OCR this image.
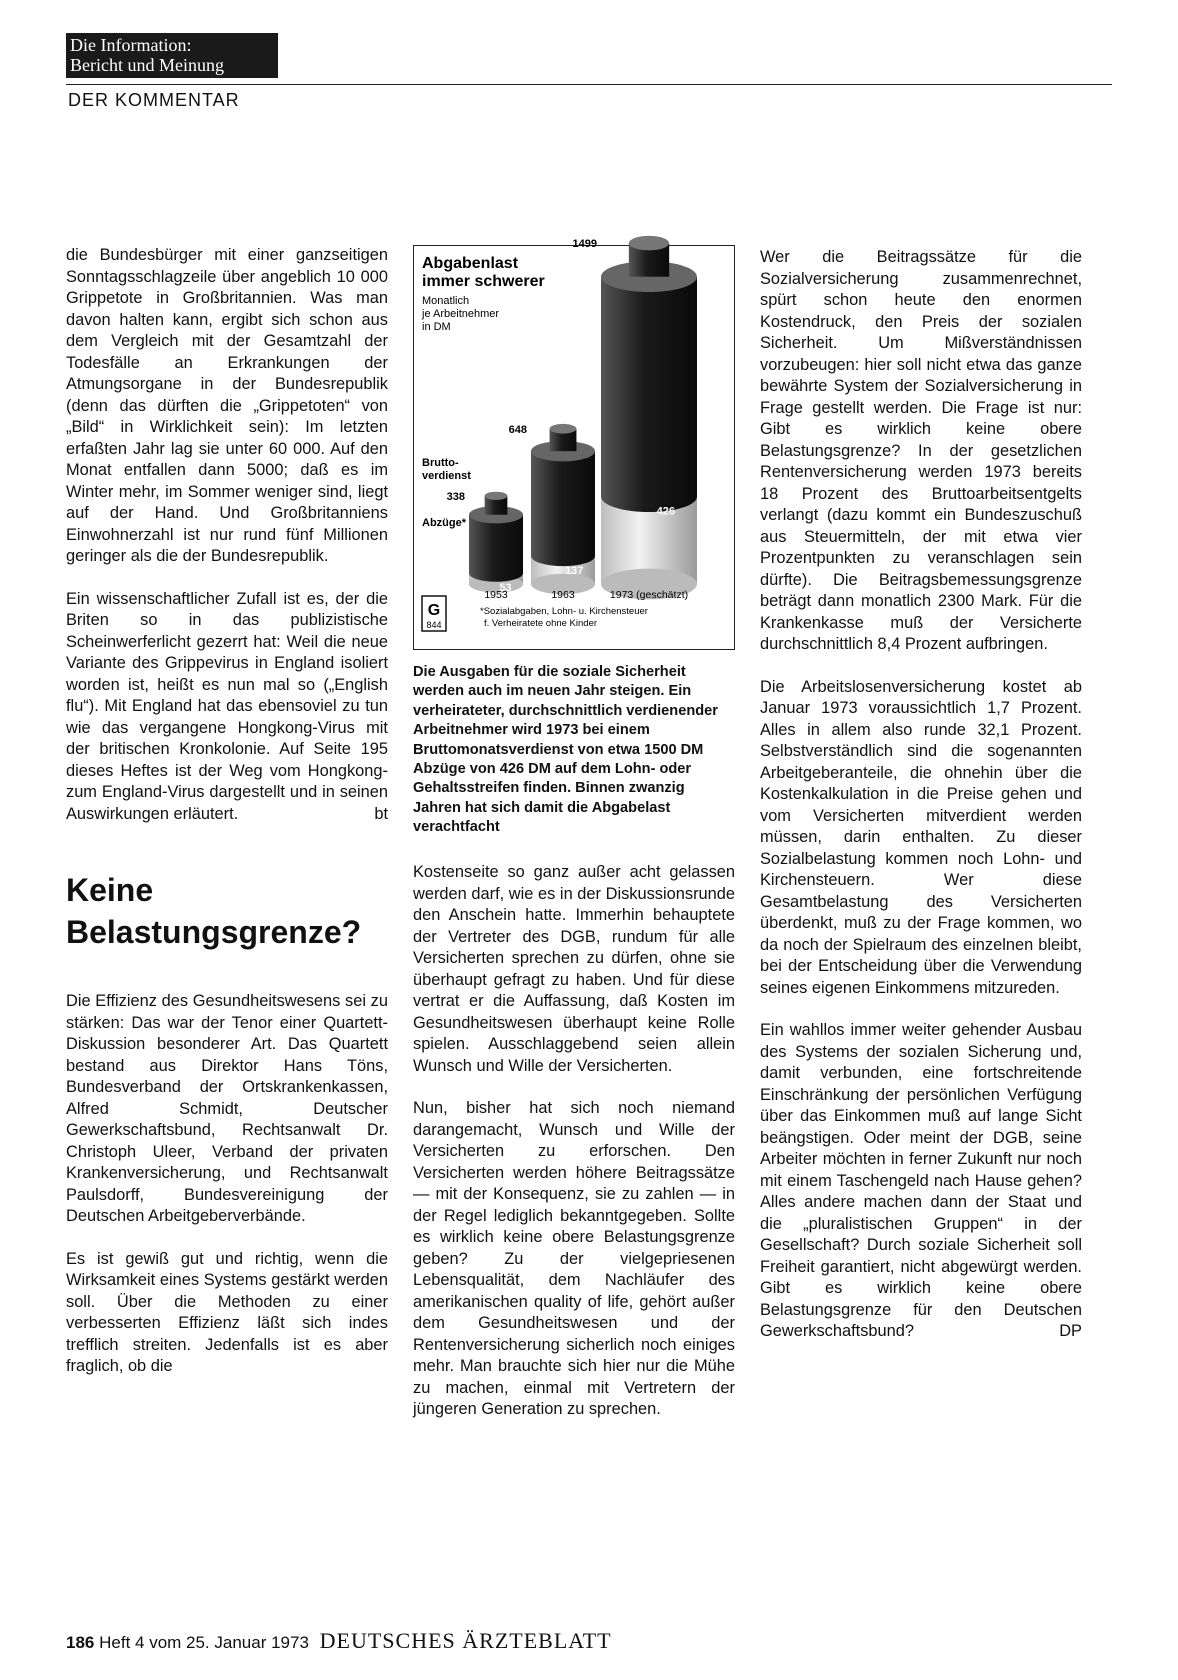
Die Information:
Bericht und Meinung
DER KOMMENTAR

die Bundesbürger mit einer ganzseitigen Sonntagsschlagzeile über angeblich 10 000 Grippetote in Großbritannien. Was man davon halten kann, ergibt sich schon aus dem Vergleich mit der Gesamtzahl der Todesfälle an Erkrankungen der Atmungsorgane in der Bundesrepublik (denn das dürften die „Grippetoten“ von „Bild“ in Wirklichkeit sein): Im letzten erfaßten Jahr lag sie unter 60 000. Auf den Monat entfallen dann 5000; daß es im Winter mehr, im Sommer weniger sind, liegt auf der Hand. Und Großbritanniens Einwohnerzahl ist nur rund fünf Millionen geringer als die der Bundesrepublik.

Ein wissenschaftlicher Zufall ist es, der die Briten so in das publizistische Scheinwerferlicht gezerrt hat: Weil die neue Variante des Grippevirus in England isoliert worden ist, heißt es nun mal so („English flu“). Mit England hat das ebensoviel zu tun wie das vergangene Hongkong-Virus mit der britischen Kronkolonie. Auf Seite 195 dieses Heftes ist der Weg vom Hongkong- zum England-Virus dargestellt und in seinen Auswirkungen erläutert.	bt

Keine Belastungsgrenze?

Die Effizienz des Gesundheitswesens sei zu stärken: Das war der Tenor einer Quartett-Diskussion besonderer Art. Das Quartett bestand aus Direktor Hans Töns, Bundesverband der Ortskrankenkassen, Alfred Schmidt, Deutscher Gewerkschaftsbund, Rechtsanwalt Dr. Christoph Uleer, Verband der privaten Krankenversicherung, und Rechtsanwalt Paulsdorff, Bundesvereinigung der Deutschen Arbeitgeberverbände.

Es ist gewiß gut und richtig, wenn die Wirksamkeit eines Systems gestärkt werden soll. Über die Methoden zu einer verbesserten Effizienz läßt sich indes trefflich streiten. Jedenfalls ist es aber fraglich, ob die

Abgabenlast
immer schwerer
Monatlich
je Arbeitnehmer
in DM
Brutto-
verdienst
Abzüge*
338
53
1953
648
137
1963
1499
426
1973 (geschätzt)
G
844
*Sozialabgaben, Lohn- u. Kirchensteuer
f. Verheiratete ohne Kinder
Die Ausgaben für die soziale Sicherheit werden auch im neuen Jahr steigen. Ein verheirateter, durchschnittlich verdienender Arbeitnehmer wird 1973 bei einem Bruttomonatsverdienst von etwa 1500 DM Abzüge von 426 DM auf dem Lohn- oder Gehaltsstreifen finden. Binnen zwanzig Jahren hat sich damit die Abgabelast verachtfacht

Kostenseite so ganz außer acht gelassen werden darf, wie es in der Diskussionsrunde den Anschein hatte. Immerhin behauptete der Vertreter des DGB, rundum für alle Versicherten sprechen zu dürfen, ohne sie überhaupt gefragt zu haben. Und für diese vertrat er die Auffassung, daß Kosten im Gesundheitswesen überhaupt keine Rolle spielen. Ausschlaggebend seien allein Wunsch und Wille der Versicherten.

Nun, bisher hat sich noch niemand darangemacht, Wunsch und Wille der Versicherten zu erforschen. Den Versicherten werden höhere Beitragssätze — mit der Konsequenz, sie zu zahlen — in der Regel lediglich bekanntgegeben. Sollte es wirklich keine obere Belastungsgrenze geben? Zu der vielgepriesenen Lebensqualität, dem Nachläufer des amerikanischen quality of life, gehört außer dem Gesundheitswesen und der Rentenversicherung sicherlich noch einiges mehr. Man brauchte sich hier nur die Mühe zu machen, einmal mit Vertretern der jüngeren Generation zu sprechen.

Wer die Beitragssätze für die Sozialversicherung zusammenrechnet, spürt schon heute den enormen Kostendruck, den Preis der sozialen Sicherheit. Um Mißverständnissen vorzubeugen: hier soll nicht etwa das ganze bewährte System der Sozialversicherung in Frage gestellt werden. Die Frage ist nur: Gibt es wirklich keine obere Belastungsgrenze? In der gesetzlichen Rentenversicherung werden 1973 bereits 18 Prozent des Bruttoarbeitsentgelts verlangt (dazu kommt ein Bundeszuschuß aus Steuermitteln, der mit etwa vier Prozentpunkten zu veranschlagen sein dürfte). Die Beitragsbemessungsgrenze beträgt dann monatlich 2300 Mark. Für die Krankenkasse muß der Versicherte durchschnittlich 8,4 Prozent aufbringen.

Die Arbeitslosenversicherung kostet ab Januar 1973 voraussichtlich 1,7 Prozent. Alles in allem also runde 32,1 Prozent. Selbstverständlich sind die sogenannten Arbeitgeberanteile, die ohnehin über die Kostenkalkulation in die Preise gehen und vom Versicherten mitverdient werden müssen, darin enthalten. Zu dieser Sozialbelastung kommen noch Lohn- und Kirchensteuern. Wer diese Gesamtbelastung des Versicherten überdenkt, muß zu der Frage kommen, wo da noch der Spielraum des einzelnen bleibt, bei der Entscheidung über die Verwendung seines eigenen Einkommens mitzureden.

Ein wahllos immer weiter gehender Ausbau des Systems der sozialen Sicherung und, damit verbunden, eine fortschreitende Einschränkung der persönlichen Verfügung über das Einkommen muß auf lange Sicht beängstigen. Oder meint der DGB, seine Arbeiter möchten in ferner Zukunft nur noch mit einem Taschengeld nach Hause gehen? Alles andere machen dann der Staat und die „pluralistischen Gruppen“ in der Gesellschaft? Durch soziale Sicherheit soll Freiheit garantiert, nicht abgewürgt werden. Gibt es wirklich keine obere Belastungsgrenze für den Deutschen Gewerkschaftsbund?	DP

186 Heft 4 vom 25. Januar 1973 DEUTSCHES ÄRZTEBLATT
